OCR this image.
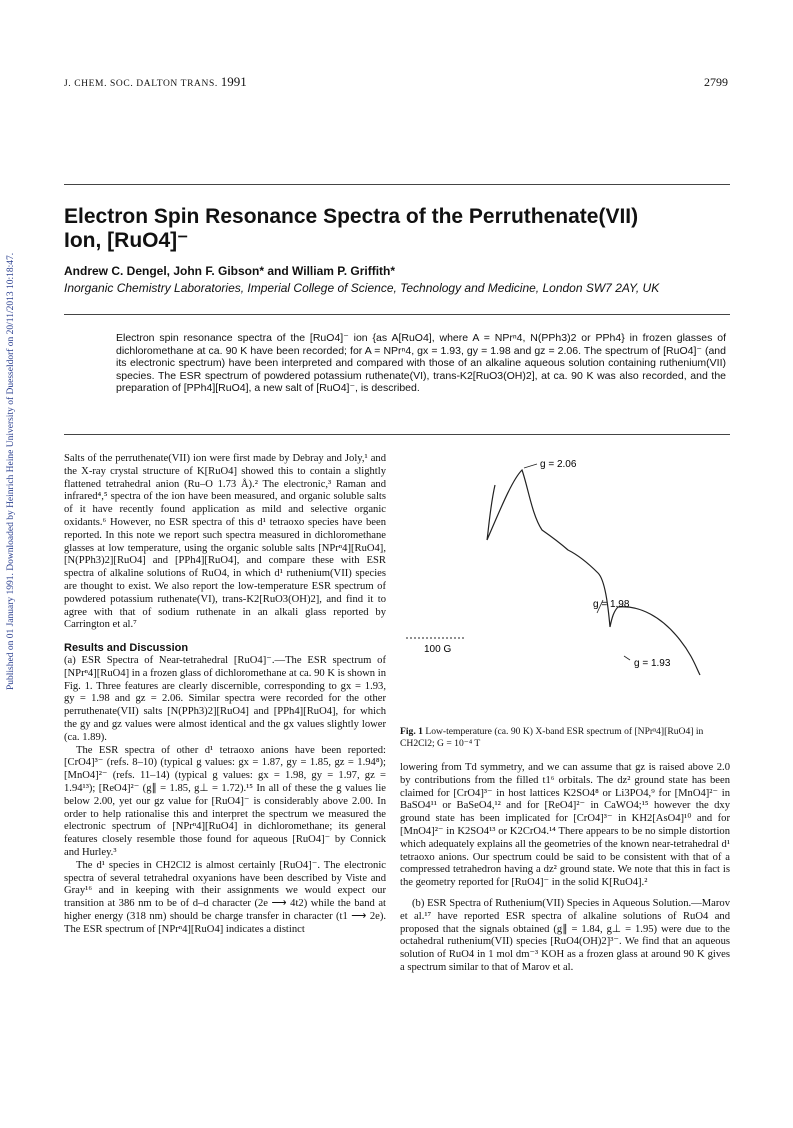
J. CHEM. SOC. DALTON TRANS. 1991	2799
Published on 01 January 1991. Downloaded by Heinrich Heine University of Duesseldorf on 20/11/2013 10:18:47.
Electron Spin Resonance Spectra of the Perruthenate(VII)
Ion, [RuO4]⁻
Andrew C. Dengel, John F. Gibson* and William P. Griffith*
Inorganic Chemistry Laboratories, Imperial College of Science, Technology and Medicine, London SW7 2AY, UK
Electron spin resonance spectra of the [RuO4]⁻ ion {as A[RuO4], where A = NPrⁿ4, N(PPh3)2 or PPh4} in frozen glasses of dichloromethane at ca. 90 K have been recorded; for A = NPrⁿ4, gx = 1.93, gy = 1.98 and gz = 2.06. The spectrum of [RuO4]⁻ (and its electronic spectrum) have been interpreted and compared with those of an alkaline aqueous solution containing ruthenium(VII) species. The ESR spectrum of powdered potassium ruthenate(VI), trans-K2[RuO3(OH)2], at ca. 90 K was also recorded, and the preparation of [PPh4][RuO4], a new salt of [RuO4]⁻, is described.

Salts of the perruthenate(VII) ion were first made by Debray and Joly,¹ and the X-ray crystal structure of K[RuO4] showed this to contain a slightly flattened tetrahedral anion (Ru–O 1.73 Å).² The electronic,³ Raman and infrared⁴,⁵ spectra of the ion have been measured, and organic soluble salts of it have recently found application as mild and selective organic oxidants.⁶ However, no ESR spectra of this d¹ tetraoxo species have been reported. In this note we report such spectra measured in dichloromethane glasses at low temperature, using the organic soluble salts [NPrⁿ4][RuO4], [N(PPh3)2][RuO4] and [PPh4][RuO4], and compare these with ESR spectra of alkaline solutions of RuO4, in which d¹ ruthenium(VII) species are thought to exist. We also report the low-temperature ESR spectrum of powdered potassium ruthenate(VI), trans-K2[RuO3(OH)2], and find it to agree with that of sodium ruthenate in an alkali glass reported by Carrington et al.⁷

Results and Discussion

(a) ESR Spectra of Near-tetrahedral [RuO4]⁻.—The ESR spectrum of [NPrⁿ4][RuO4] in a frozen glass of dichloromethane at ca. 90 K is shown in Fig. 1. Three features are clearly discernible, corresponding to gx = 1.93, gy = 1.98 and gz = 2.06. Similar spectra were recorded for the other perruthenate(VII) salts [N(PPh3)2][RuO4] and [PPh4][RuO4], for which the gy and gz values were almost identical and the gx values slightly lower (ca. 1.89).

The ESR spectra of other d¹ tetraoxo anions have been reported: [CrO4]³⁻ (refs. 8–10) (typical g values: gx = 1.87, gy = 1.85, gz = 1.94⁸); [MnO4]²⁻ (refs. 11–14) (typical g values: gx = 1.98, gy = 1.97, gz = 1.94¹³); [ReO4]²⁻ (g∥ = 1.85, g⊥ = 1.72).¹⁵ In all of these the g values lie below 2.00, yet our gz value for [RuO4]⁻ is considerably above 2.00. In order to help rationalise this and interpret the spectrum we measured the electronic spectrum of [NPrⁿ4][RuO4] in dichloromethane; its general features closely resemble those found for aqueous [RuO4]⁻ by Connick and Hurley.³

The d¹ species in CH2Cl2 is almost certainly [RuO4]⁻. The electronic spectra of several tetrahedral oxyanions have been described by Viste and Gray¹⁶ and in keeping with their assignments we would expect our transition at 386 nm to be of d–d character (2e ⟶ 4t2) while the band at higher energy (318 nm) should be charge transfer in character (t1 ⟶ 2e). The ESR spectrum of [NPrⁿ4][RuO4] indicates a distinct

g = 2.06
g = 1.98
g = 1.93
100 G
Fig. 1 Low-temperature (ca. 90 K) X-band ESR spectrum of [NPrⁿ4][RuO4] in CH2Cl2; G = 10⁻⁴ T

lowering from Td symmetry, and we can assume that gz is raised above 2.0 by contributions from the filled t1⁶ orbitals. The dz² ground state has been claimed for [CrO4]³⁻ in host lattices K2SO4⁸ or Li3PO4,⁹ for [MnO4]²⁻ in BaSO4¹¹ or BaSeO4,¹² and for [ReO4]²⁻ in CaWO4;¹⁵ however the dxy ground state has been implicated for [CrO4]³⁻ in KH2[AsO4]¹⁰ and for [MnO4]²⁻ in K2SO4¹³ or K2CrO4.¹⁴ There appears to be no simple distortion which adequately explains all the geometries of the known near-tetrahedral d¹ tetraoxo anions. Our spectrum could be said to be consistent with that of a compressed tetrahedron having a dz² ground state. We note that this in fact is the geometry reported for [RuO4]⁻ in the solid K[RuO4].²

(b) ESR Spectra of Ruthenium(VII) Species in Aqueous Solution.—Marov et al.¹⁷ have reported ESR spectra of alkaline solutions of RuO4 and proposed that the signals obtained (g∥ = 1.84, g⊥ = 1.95) were due to the octahedral ruthenium(VII) species [RuO4(OH)2]³⁻. We find that an aqueous solution of RuO4 in 1 mol dm⁻³ KOH as a frozen glass at around 90 K gives a spectrum similar to that of Marov et al.
